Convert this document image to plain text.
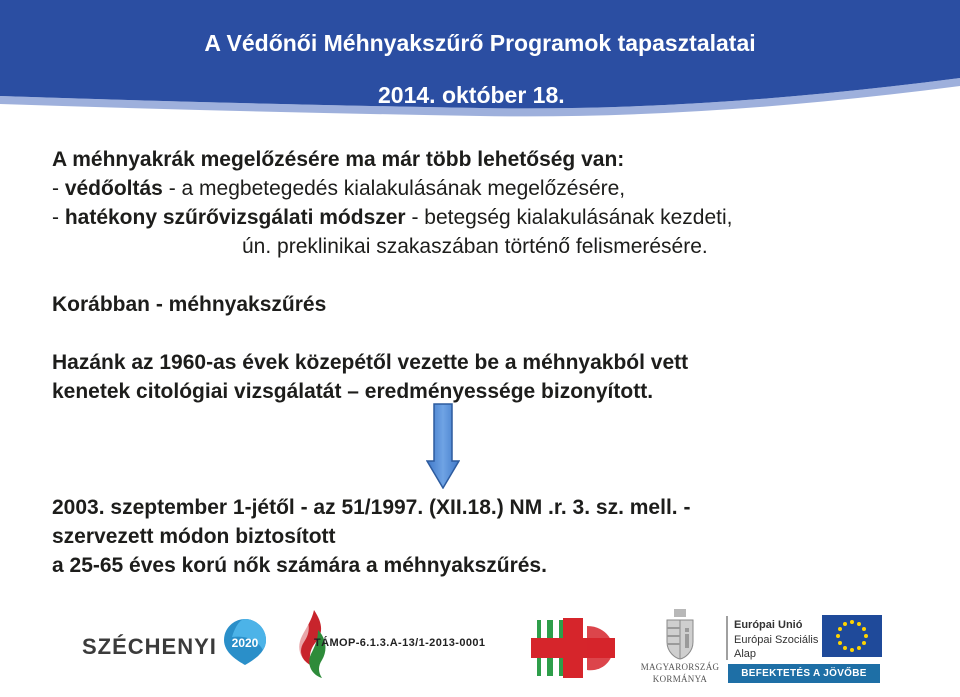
A Védőnői Méhnyakszűrő Programok tapasztalatai
2014. október 18.
A méhnyakrák megelőzésére ma már több lehetőség van:
- védőoltás - a megbetegedés kialakulásának megelőzésére,
- hatékony szűrővizsgálati módszer - betegség kialakulásának kezdeti,
ún. preklinikai szakaszában történő felismerésére.
Korábban - méhnyakszűrés
Hazánk az 1960-as évek közepétől vezette be a méhnyakból vett
kenetek citológiai vizsgálatát – eredményessége bizonyított.
2003. szeptember 1-jétől - az 51/1997. (XII.18.) NM .r. 3. sz. mell. -
szervezett módon biztosított
a 25-65 éves korú nők számára a méhnyakszűrés.
SZÉCHENYI	2020	TÁMOP-6.1.3.A-13/1-2013-0001
MAGYARORSZÁG
KORMÁNYA
Európai Unió
Európai Szociális
Alap
BEFEKTETÉS A JÖVŐBE
